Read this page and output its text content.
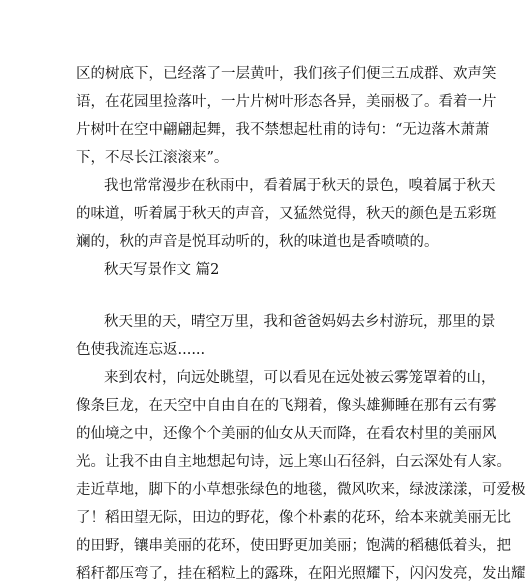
区的树底下，已经落了一层黄叶，我们孩子们便三五成群、欢声笑
语，在花园里捡落叶，一片片树叶形态各异，美丽极了。看着一片
片树叶在空中翩翩起舞，我不禁想起杜甫的诗句：“无边落木萧萧
下，不尽长江滚滚来”。
我也常常漫步在秋雨中，看着属于秋天的景色，嗅着属于秋天
的味道，听着属于秋天的声音，又猛然觉得，秋天的颜色是五彩斑
斓的，秋的声音是悦耳动听的，秋的味道也是香喷喷的。
秋天写景作文 篇2
秋天里的天，晴空万里，我和爸爸妈妈去乡村游玩，那里的景
色使我流连忘返......
来到农村，向远处眺望，可以看见在远处被云雾笼罩着的山，
像条巨龙，在天空中自由自在的飞翔着，像头雄狮睡在那有云有雾
的仙境之中，还像个个美丽的仙女从天而降，在看农村里的美丽风
光。让我不由自主地想起句诗，远上寒山石径斜，白云深处有人家。
走近草地，脚下的小草想张绿色的地毯，微风吹来，绿波漾漾，可爱极
了！稻田望无际，田边的野花，像个朴素的花环，给本来就美丽无比
的田野，镶串美丽的花环，使田野更加美丽；饱满的稻穗低着头，把
稻秆都压弯了，挂在稻粒上的露珠，在阳光照耀下，闪闪发亮，发出耀
